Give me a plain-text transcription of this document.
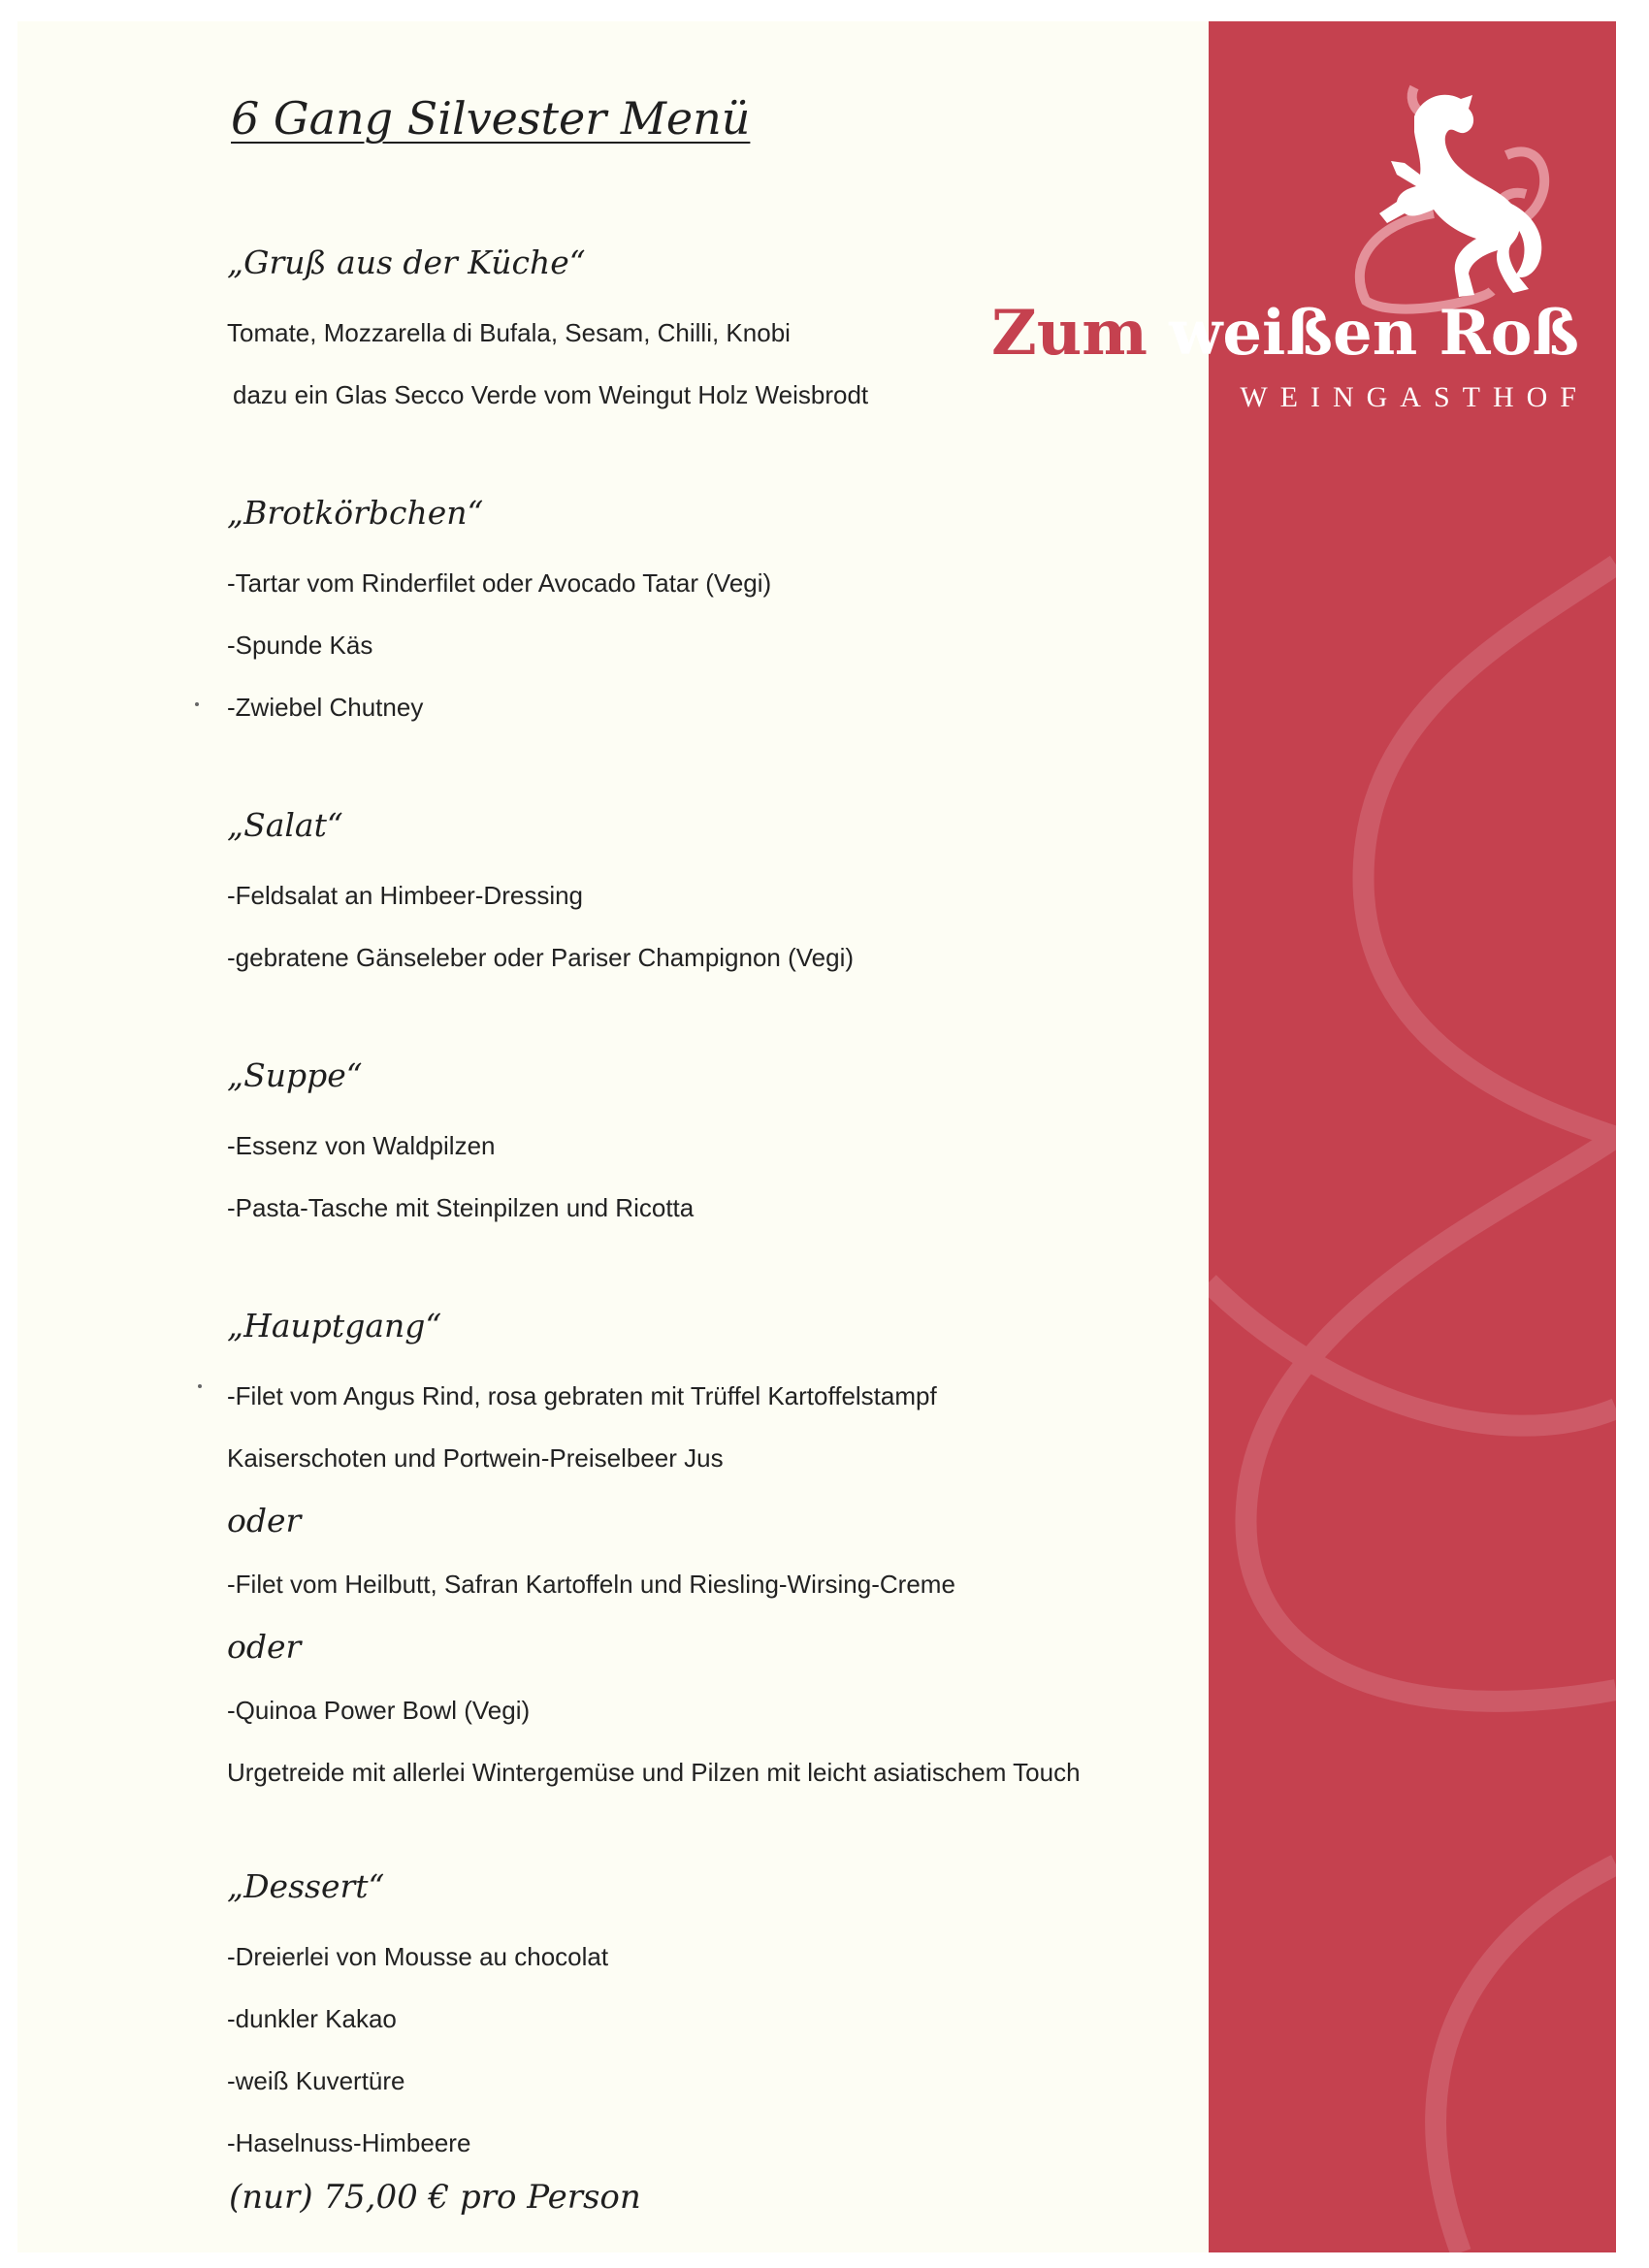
6 Gang Silvester Menü

„Gruß aus der Küche“

Tomate, Mozzarella di Bufala, Sesam, Chilli, Knobi

dazu ein Glas Secco Verde vom Weingut Holz Weisbrodt

„Brotkörbchen“

-Tartar vom Rinderfilet oder Avocado Tatar (Vegi)

-Spunde Käs

-Zwiebel Chutney

„Salat“

-Feldsalat an Himbeer-Dressing

-gebratene Gänseleber oder Pariser Champignon (Vegi)

„Suppe“

-Essenz von Waldpilzen

-Pasta-Tasche mit Steinpilzen und Ricotta

„Hauptgang“

-Filet vom Angus Rind, rosa gebraten mit Trüffel Kartoffelstampf

Kaiserschoten und Portwein-Preiselbeer Jus

oder

-Filet vom Heilbutt, Safran Kartoffeln und Riesling-Wirsing-Creme

oder

-Quinoa Power Bowl (Vegi)

Urgetreide mit allerlei Wintergemüse und Pilzen mit leicht asiatischem Touch

„Dessert“

-Dreierlei von Mousse au chocolat

-dunkler Kakao

-weiß Kuvertüre

-Haselnuss-Himbeere

(nur) 75,00 € pro Person

Zum weißen Roß

WEINGASTHOF
